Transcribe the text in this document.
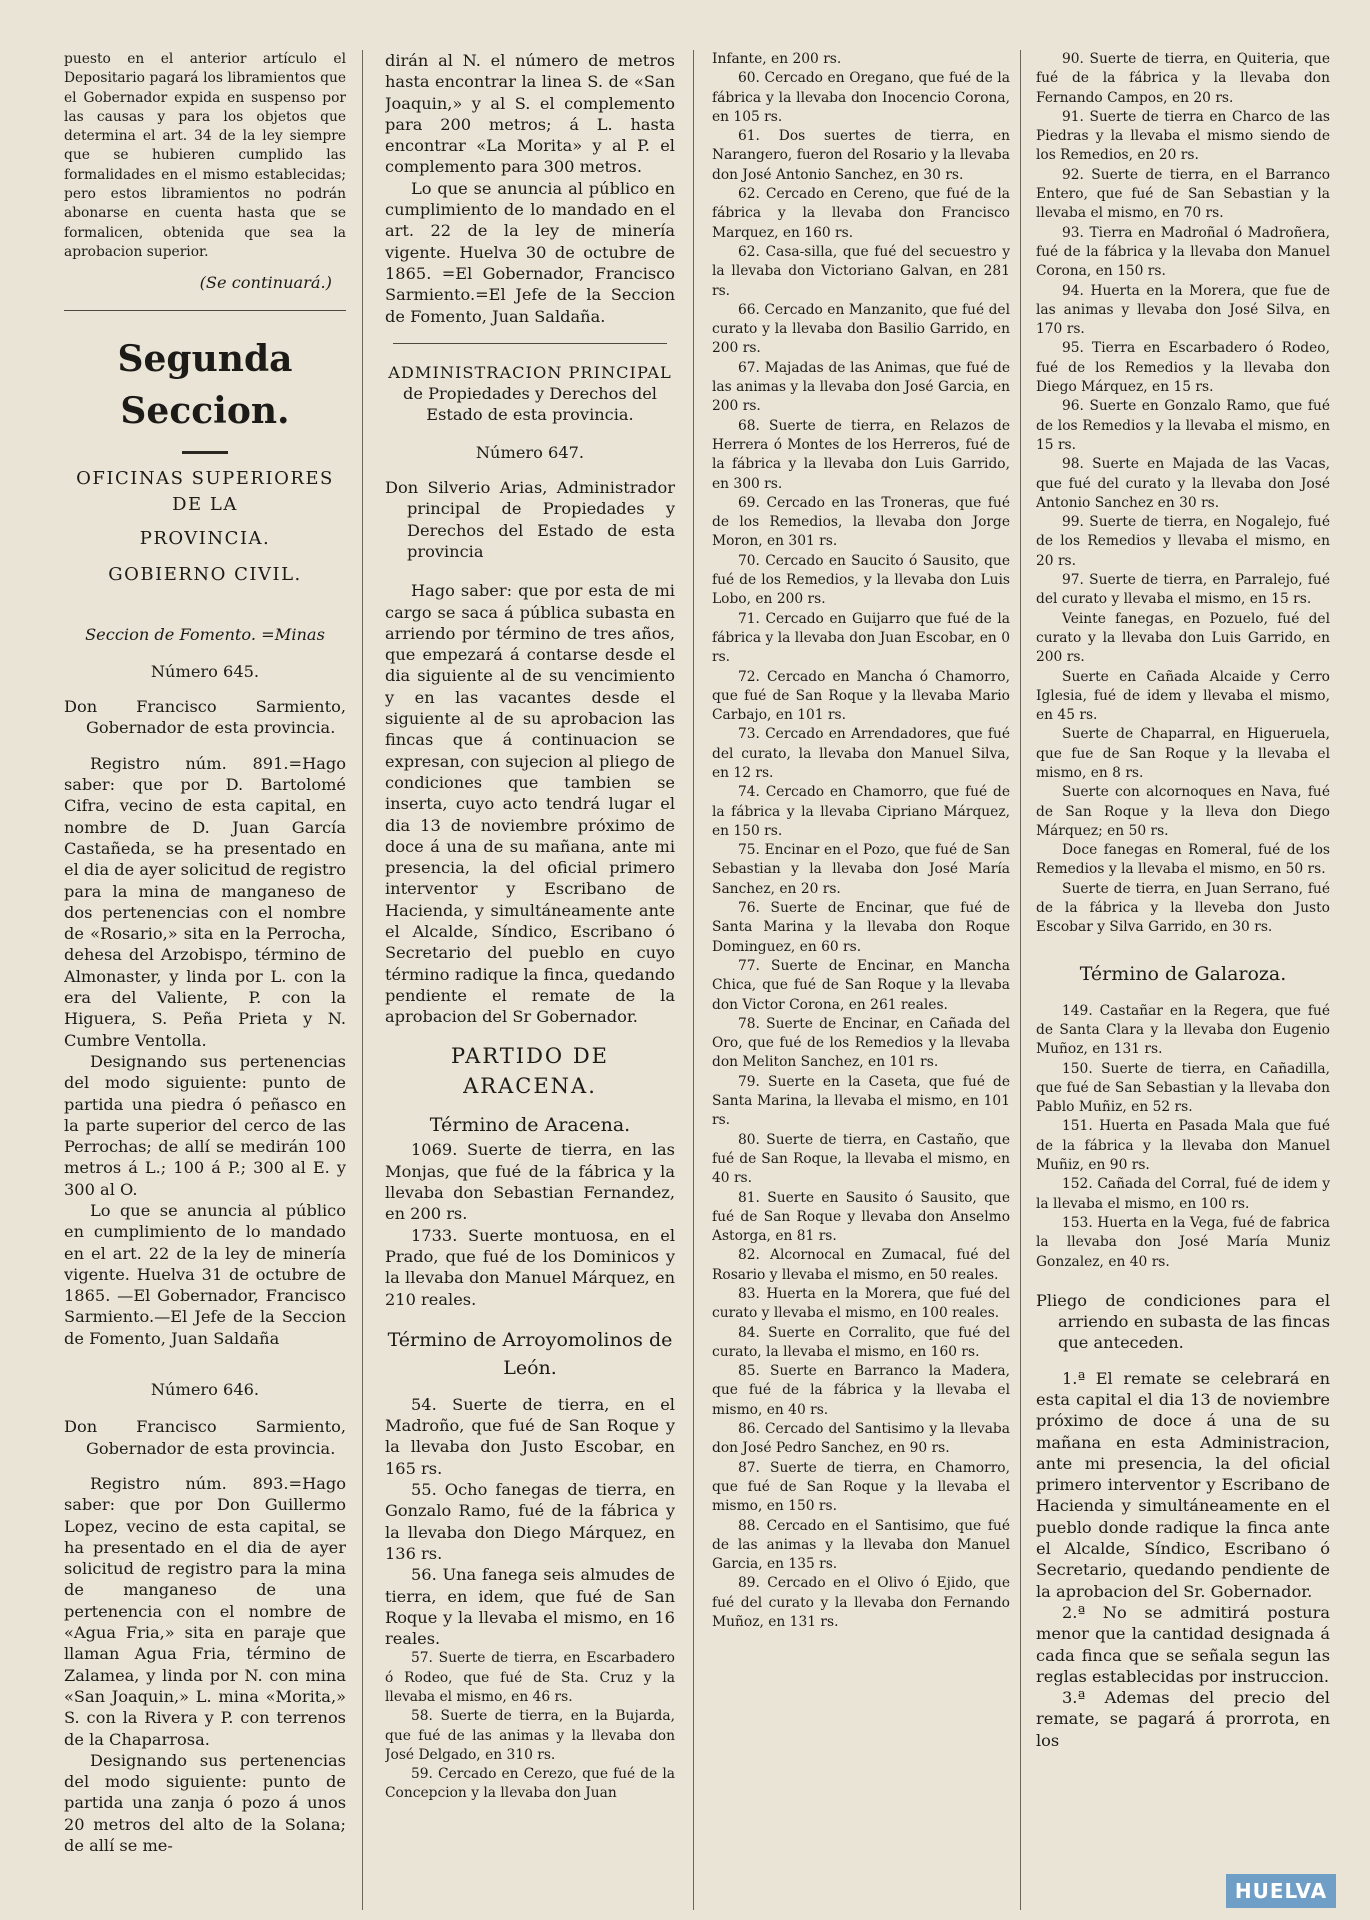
puesto en el anterior artículo el Depositario pagará los libramientos que el Gobernador expida en suspenso por las causas y para los objetos que determina el art. 34 de la ley siempre que se hubieren cumplido las formalidades en el mismo establecidas; pero estos libramientos no podrán abonarse en cuenta hasta que se formalicen, obtenida que sea la aprobacion superior.

(Se continuará.)

Segunda Seccion.

OFICINAS SUPERIORES DE LA

PROVINCIA.

GOBIERNO CIVIL.

Seccion de Fomento. =Minas

Número 645.

Don Francisco Sarmiento, Gobernador de esta provincia.

Registro núm. 891.=Hago saber: que por D. Bartolomé Cifra, vecino de esta capital, en nombre de D. Juan García Castañeda, se ha presentado en el dia de ayer solicitud de registro para la mina de manganeso de dos pertenencias con el nombre de «Rosario,» sita en la Perrocha, dehesa del Arzobispo, término de Almonaster, y linda por L. con la era del Valiente, P. con la Higuera, S. Peña Prieta y N. Cumbre Ventolla.

Designando sus pertenencias del modo siguiente: punto de partida una piedra ó peñasco en la parte superior del cerco de las Perrochas; de allí se medirán 100 metros á L.; 100 á P.; 300 al E. y 300 al O.

Lo que se anuncia al público en cumplimiento de lo mandado en el art. 22 de la ley de minería vigente. Huelva 31 de octubre de 1865. —El Gobernador, Francisco Sarmiento.—El Jefe de la Seccion de Fomento, Juan Saldaña

Número 646.

Don Francisco Sarmiento, Gobernador de esta provincia.

Registro núm. 893.=Hago saber: que por Don Guillermo Lopez, vecino de esta capital, se ha presentado en el dia de ayer solicitud de registro para la mina de manganeso de una pertenencia con el nombre de «Agua Fria,» sita en paraje que llaman Agua Fria, término de Zalamea, y linda por N. con mina «San Joaquin,» L. mina «Morita,» S. con la Rivera y P. con terrenos de la Chaparrosa.

Designando sus pertenencias del modo siguiente: punto de partida una zanja ó pozo á unos 20 metros del alto de la Solana; de allí se me-

dirán al N. el número de metros hasta encontrar la linea S. de «San Joaquin,» y al S. el complemento para 200 metros; á L. hasta encontrar «La Morita» y al P. el complemento para 300 metros.

Lo que se anuncia al público en cumplimiento de lo mandado en el art. 22 de la ley de minería vigente. Huelva 30 de octubre de 1865. =El Gobernador, Francisco Sarmiento.=El Jefe de la Seccion de Fomento, Juan Saldaña.

ADMINISTRACION PRINCIPAL

de Propiedades y Derechos del Estado de esta provincia.

Número 647.

Don Silverio Arias, Administrador principal de Propiedades y Derechos del Estado de esta provincia

Hago saber: que por esta de mi cargo se saca á pública subasta en arriendo por término de tres años, que empezará á contarse desde el dia siguiente al de su vencimiento y en las vacantes desde el siguiente al de su aprobacion las fincas que á continuacion se expresan, con sujecion al pliego de condiciones que tambien se inserta, cuyo acto tendrá lugar el dia 13 de noviembre próximo de doce á una de su mañana, ante mi presencia, la del oficial primero interventor y Escribano de Hacienda, y simultáneamente ante el Alcalde, Síndico, Escribano ó Secretario del pueblo en cuyo término radique la finca, quedando pendiente el remate de la aprobacion del Sr Gobernador.

PARTIDO DE ARACENA.

Término de Aracena.

1069. Suerte de tierra, en las Monjas, que fué de la fábrica y la llevaba don Sebastian Fernandez, en 200 rs.

1733. Suerte montuosa, en el Prado, que fué de los Dominicos y la llevaba don Manuel Márquez, en 210 reales.

Término de Arroyomolinos de León.

54. Suerte de tierra, en el Madroño, que fué de San Roque y la llevaba don Justo Escobar, en 165 rs.

55. Ocho fanegas de tierra, en Gonzalo Ramo, fué de la fábrica y la llevaba don Diego Márquez, en 136 rs.

56. Una fanega seis almudes de tierra, en idem, que fué de San Roque y la llevaba el mismo, en 16 reales.

57. Suerte de tierra, en Escarbadero ó Rodeo, que fué de Sta. Cruz y la llevaba el mismo, en 46 rs.

58. Suerte de tierra, en la Bujarda, que fué de las animas y la llevaba don José Delgado, en 310 rs.

59. Cercado en Cerezo, que fué de la Concepcion y la llevaba don Juan

Infante, en 200 rs.

60. Cercado en Oregano, que fué de la fábrica y la llevaba don Inocencio Corona, en 105 rs.

61. Dos suertes de tierra, en Narangero, fueron del Rosario y la llevaba don José Antonio Sanchez, en 30 rs.

62. Cercado en Cereno, que fué de la fábrica y la llevaba don Francisco Marquez, en 160 rs.

62. Casa-silla, que fué del secuestro y la llevaba don Victoriano Galvan, en 281 rs.

66. Cercado en Manzanito, que fué del curato y la llevaba don Basilio Garrido, en 200 rs.

67. Majadas de las Animas, que fué de las animas y la llevaba don José Garcia, en 200 rs.

68. Suerte de tierra, en Relazos de Herrera ó Montes de los Herreros, fué de la fábrica y la llevaba don Luis Garrido, en 300 rs.

69. Cercado en las Troneras, que fué de los Remedios, la llevaba don Jorge Moron, en 301 rs.

70. Cercado en Saucito ó Sausito, que fué de los Remedios, y la llevaba don Luis Lobo, en 200 rs.

71. Cercado en Guijarro que fué de la fábrica y la llevaba don Juan Escobar, en 0 rs.

72. Cercado en Mancha ó Chamorro, que fué de San Roque y la llevaba Mario Carbajo, en 101 rs.

73. Cercado en Arrendadores, que fué del curato, la llevaba don Manuel Silva, en 12 rs.

74. Cercado en Chamorro, que fué de la fábrica y la llevaba Cipriano Márquez, en 150 rs.

75. Encinar en el Pozo, que fué de San Sebastian y la llevaba don José María Sanchez, en 20 rs.

76. Suerte de Encinar, que fué de Santa Marina y la llevaba don Roque Dominguez, en 60 rs.

77. Suerte de Encinar, en Mancha Chica, que fué de San Roque y la llevaba don Victor Corona, en 261 reales.

78. Suerte de Encinar, en Cañada del Oro, que fué de los Remedios y la llevaba don Meliton Sanchez, en 101 rs.

79. Suerte en la Caseta, que fué de Santa Marina, la llevaba el mismo, en 101 rs.

80. Suerte de tierra, en Castaño, que fué de San Roque, la llevaba el mismo, en 40 rs.

81. Suerte en Sausito ó Sausito, que fué de San Roque y llevaba don Anselmo Astorga, en 81 rs.

82. Alcornocal en Zumacal, fué del Rosario y llevaba el mismo, en 50 reales.

83. Huerta en la Morera, que fué del curato y llevaba el mismo, en 100 reales.

84. Suerte en Corralito, que fué del curato, la llevaba el mismo, en 160 rs.

85. Suerte en Barranco la Madera, que fué de la fábrica y la llevaba el mismo, en 40 rs.

86. Cercado del Santisimo y la llevaba don José Pedro Sanchez, en 90 rs.

87. Suerte de tierra, en Chamorro, que fué de San Roque y la llevaba el mismo, en 150 rs.

88. Cercado en el Santisimo, que fué de las animas y la llevaba don Manuel Garcia, en 135 rs.

89. Cercado en el Olivo ó Ejido, que fué del curato y la llevaba don Fernando Muñoz, en 131 rs.

90. Suerte de tierra, en Quiteria, que fué de la fábrica y la llevaba don Fernando Campos, en 20 rs.

91. Suerte de tierra en Charco de las Piedras y la llevaba el mismo siendo de los Remedios, en 20 rs.

92. Suerte de tierra, en el Barranco Entero, que fué de San Sebastian y la llevaba el mismo, en 70 rs.

93. Tierra en Madroñal ó Madroñera, fué de la fábrica y la llevaba don Manuel Corona, en 150 rs.

94. Huerta en la Morera, que fue de las animas y llevaba don José Silva, en 170 rs.

95. Tierra en Escarbadero ó Rodeo, fué de los Remedios y la llevaba don Diego Márquez, en 15 rs.

96. Suerte en Gonzalo Ramo, que fué de los Remedios y la llevaba el mismo, en 15 rs.

98. Suerte en Majada de las Vacas, que fué del curato y la llevaba don José Antonio Sanchez en 30 rs.

99. Suerte de tierra, en Nogalejo, fué de los Remedios y llevaba el mismo, en 20 rs.

97. Suerte de tierra, en Parralejo, fué del curato y llevaba el mismo, en 15 rs.

Veinte fanegas, en Pozuelo, fué del curato y la llevaba don Luis Garrido, en 200 rs.

Suerte en Cañada Alcaide y Cerro Iglesia, fué de idem y llevaba el mismo, en 45 rs.

Suerte de Chaparral, en Higueruela, que fue de San Roque y la llevaba el mismo, en 8 rs.

Suerte con alcornoques en Nava, fué de San Roque y la lleva don Diego Márquez; en 50 rs.

Doce fanegas en Romeral, fué de los Remedios y la llevaba el mismo, en 50 rs.

Suerte de tierra, en Juan Serrano, fué de la fábrica y la lleveba don Justo Escobar y Silva Garrido, en 30 rs.

Término de Galaroza.

149. Castañar en la Regera, que fué de Santa Clara y la llevaba don Eugenio Muñoz, en 131 rs.

150. Suerte de tierra, en Cañadilla, que fué de San Sebastian y la llevaba don Pablo Muñiz, en 52 rs.

151. Huerta en Pasada Mala que fué de la fábrica y la llevaba don Manuel Muñiz, en 90 rs.

152. Cañada del Corral, fué de idem y la llevaba el mismo, en 100 rs.

153. Huerta en la Vega, fué de fabrica la llevaba don José María Muniz Gonzalez, en 40 rs.

Pliego de condiciones para el arriendo en subasta de las fincas que anteceden.

1.ª El remate se celebrará en esta capital el dia 13 de noviembre próximo de doce á una de su mañana en esta Administracion, ante mi presencia, la del oficial primero interventor y Escribano de Hacienda y simultáneamente en el pueblo donde radique la finca ante el Alcalde, Síndico, Escribano ó Secretario, quedando pendiente de la aprobacion del Sr. Gobernador.

2.ª No se admitirá postura menor que la cantidad designada á cada finca que se señala segun las reglas establecidas por instruccion.

3.ª Ademas del precio del remate, se pagará á prorrota, en los

HUELVA
